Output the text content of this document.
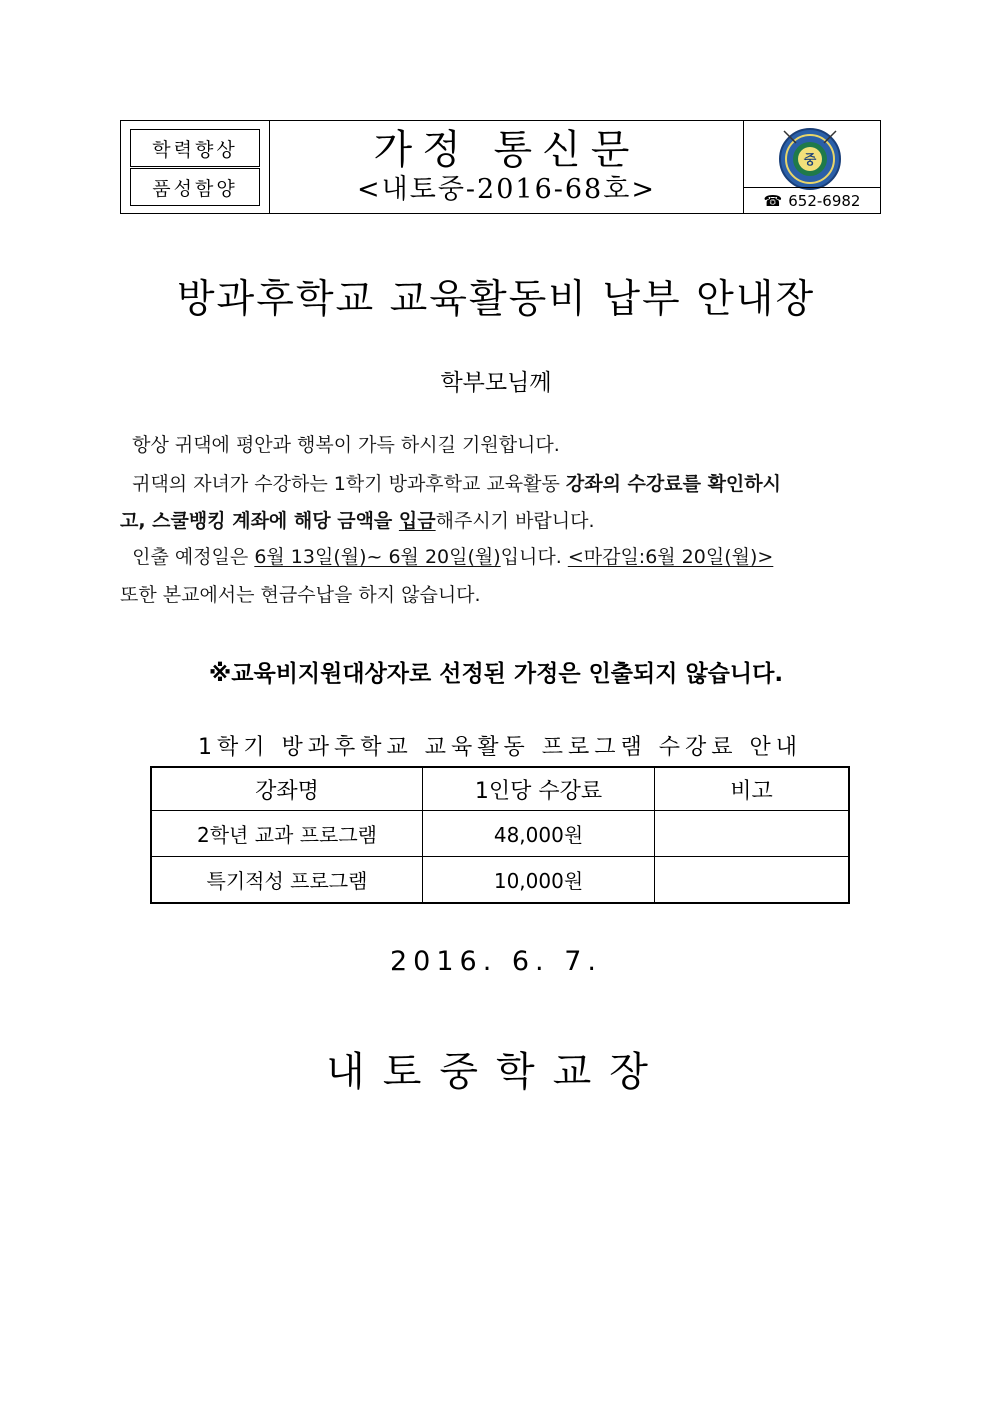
학력향상
품성함양
가정 통신문
<내토중-2016-68호>
중
☎ 652-6982
방과후학교 교육활동비 납부 안내장
학부모님께
항상 귀댁에 평안과 행복이 가득 하시길 기원합니다.
귀댁의 자녀가 수강하는 1학기 방과후학교 교육활동 강좌의 수강료를 확인하시
고, 스쿨뱅킹 계좌에 해당 금액을 입금해주시기 바랍니다.
인출 예정일은 6월 13일(월)~ 6월 20일(월)입니다. <마감일:6월 20일(월)>
또한 본교에서는 현금수납을 하지 않습니다.
※교육비지원대상자로 선정된 가정은 인출되지 않습니다.
1학기 방과후학교 교육활동 프로그램 수강료 안내
강좌명	1인당 수강료	비고
2학년 교과 프로그램	48,000원	
특기적성 프로그램	10,000원	
2016. 6. 7.
내토중학교장
